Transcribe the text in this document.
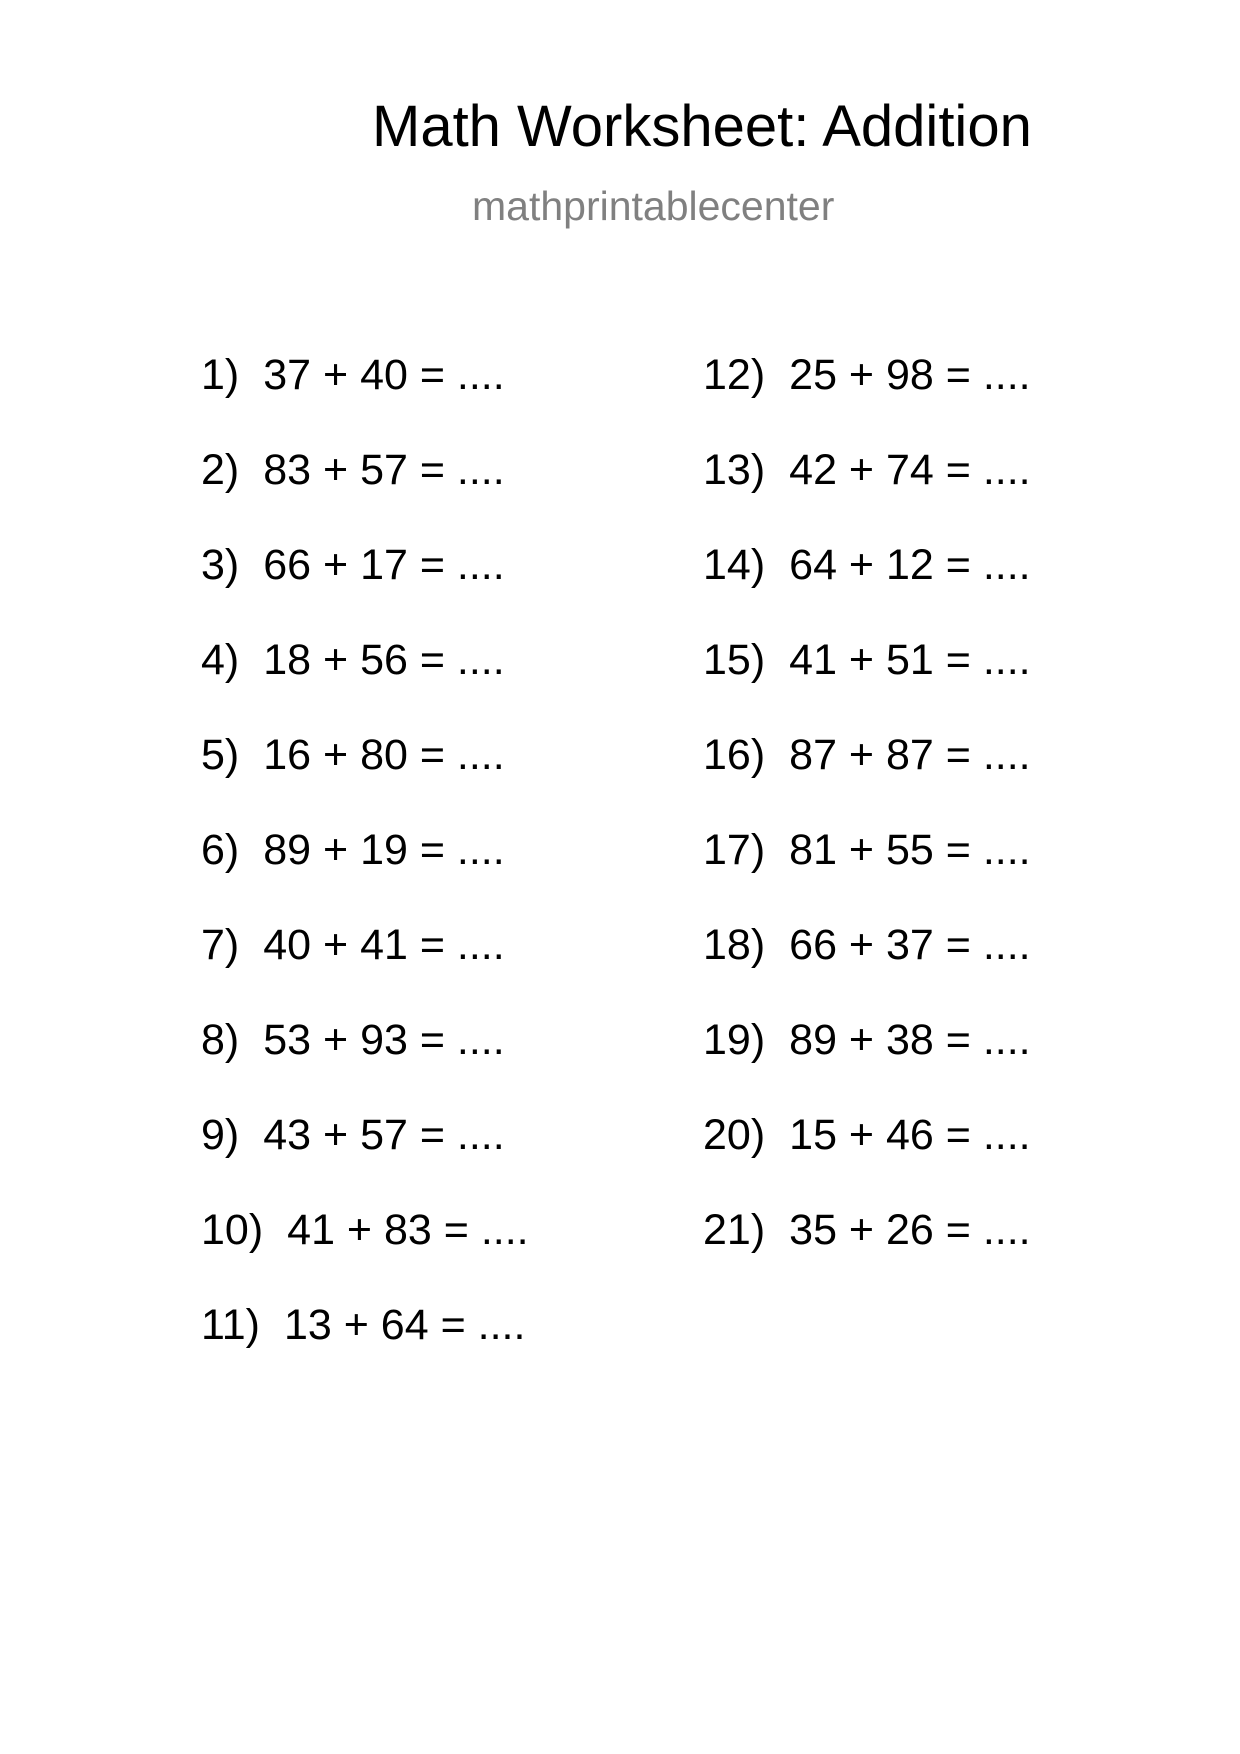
Math Worksheet: Addition
mathprintablecenter
1) 37 + 40 = ....
2) 83 + 57 = ....
3) 66 + 17 = ....
4) 18 + 56 = ....
5) 16 + 80 = ....
6) 89 + 19 = ....
7) 40 + 41 = ....
8) 53 + 93 = ....
9) 43 + 57 = ....
10) 41 + 83 = ....
11) 13 + 64 = ....
12) 25 + 98 = ....
13) 42 + 74 = ....
14) 64 + 12 = ....
15) 41 + 51 = ....
16) 87 + 87 = ....
17) 81 + 55 = ....
18) 66 + 37 = ....
19) 89 + 38 = ....
20) 15 + 46 = ....
21) 35 + 26 = ....
